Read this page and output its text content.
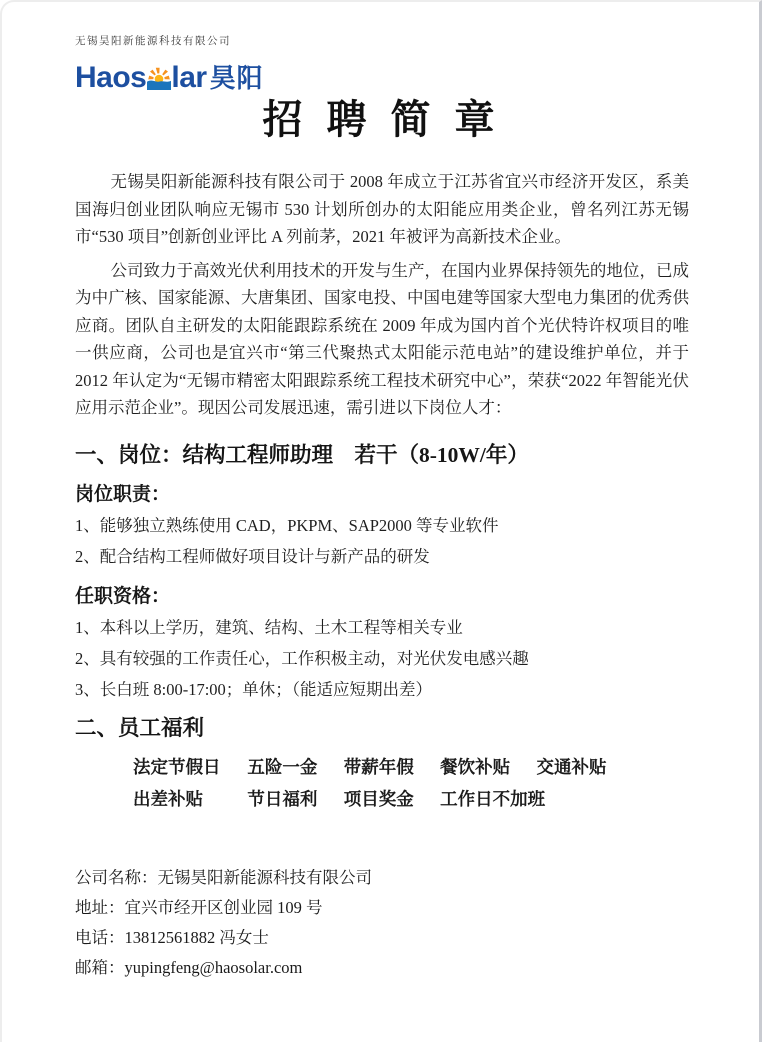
无锡昊阳新能源科技有限公司
Haos lar 昊阳
招 聘 简 章

无锡昊阳新能源科技有限公司于 2008 年成立于江苏省宜兴市经济开发区，系美国海归创业团队响应无锡市 530 计划所创办的太阳能应用类企业，曾名列江苏无锡市“530 项目”创新创业评比 A 列前茅，2021 年被评为高新技术企业。

公司致力于高效光伏利用技术的开发与生产，在国内业界保持领先的地位，已成为中广核、国家能源、大唐集团、国家电投、中国电建等国家大型电力集团的优秀供应商。团队自主研发的太阳能跟踪系统在 2009 年成为国内首个光伏特许权项目的唯一供应商，公司也是宜兴市“第三代聚热式太阳能示范电站”的建设维护单位，并于 2012 年认定为“无锡市精密太阳跟踪系统工程技术研究中心”，荣获“2022 年智能光伏应用示范企业”。现因公司发展迅速，需引进以下岗位人才：

一、岗位：结构工程师助理　若干（8-10W/年）
岗位职责：
1、能够独立熟练使用 CAD，PKPM、SAP2000 等专业软件
2、配合结构工程师做好项目设计与新产品的研发
任职资格：
1、本科以上学历，建筑、结构、土木工程等相关专业
2、具有较强的工作责任心，工作积极主动，对光伏发电感兴趣
3、长白班 8:00-17:00；单休；（能适应短期出差）
二、员工福利
法定节假日 五险一金 带薪年假 餐饮补贴 交通补贴
出差补贴	节日福利 项目奖金 工作日不加班
公司名称：无锡昊阳新能源科技有限公司
地址：宜兴市经开区创业园 109 号
电话：13812561882 冯女士
邮箱：yupingfeng@haosolar.com
